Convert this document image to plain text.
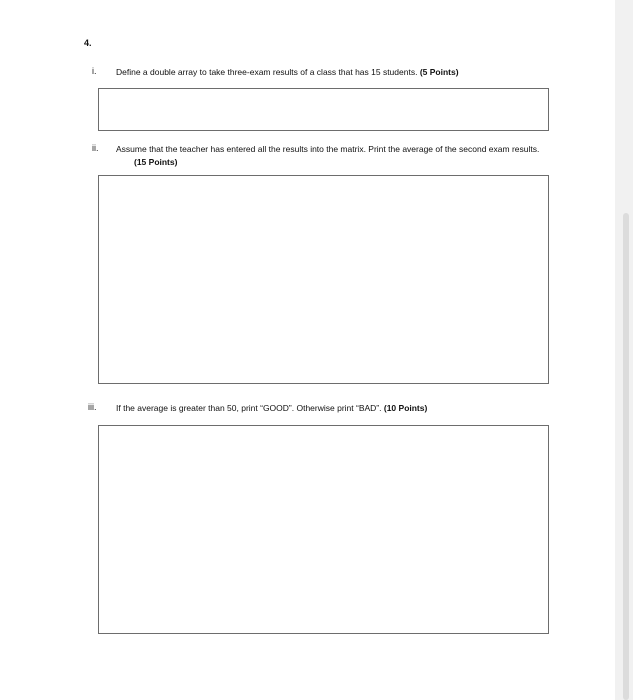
4.
i. Define a double array to take three-exam results of a class that has 15 students. (5 Points)
ii. Assume that the teacher has entered all the results into the matrix. Print the average of the second exam results. (15 Points)
iii. If the average is greater than 50, print “GOOD”. Otherwise print “BAD”. (10 Points)
